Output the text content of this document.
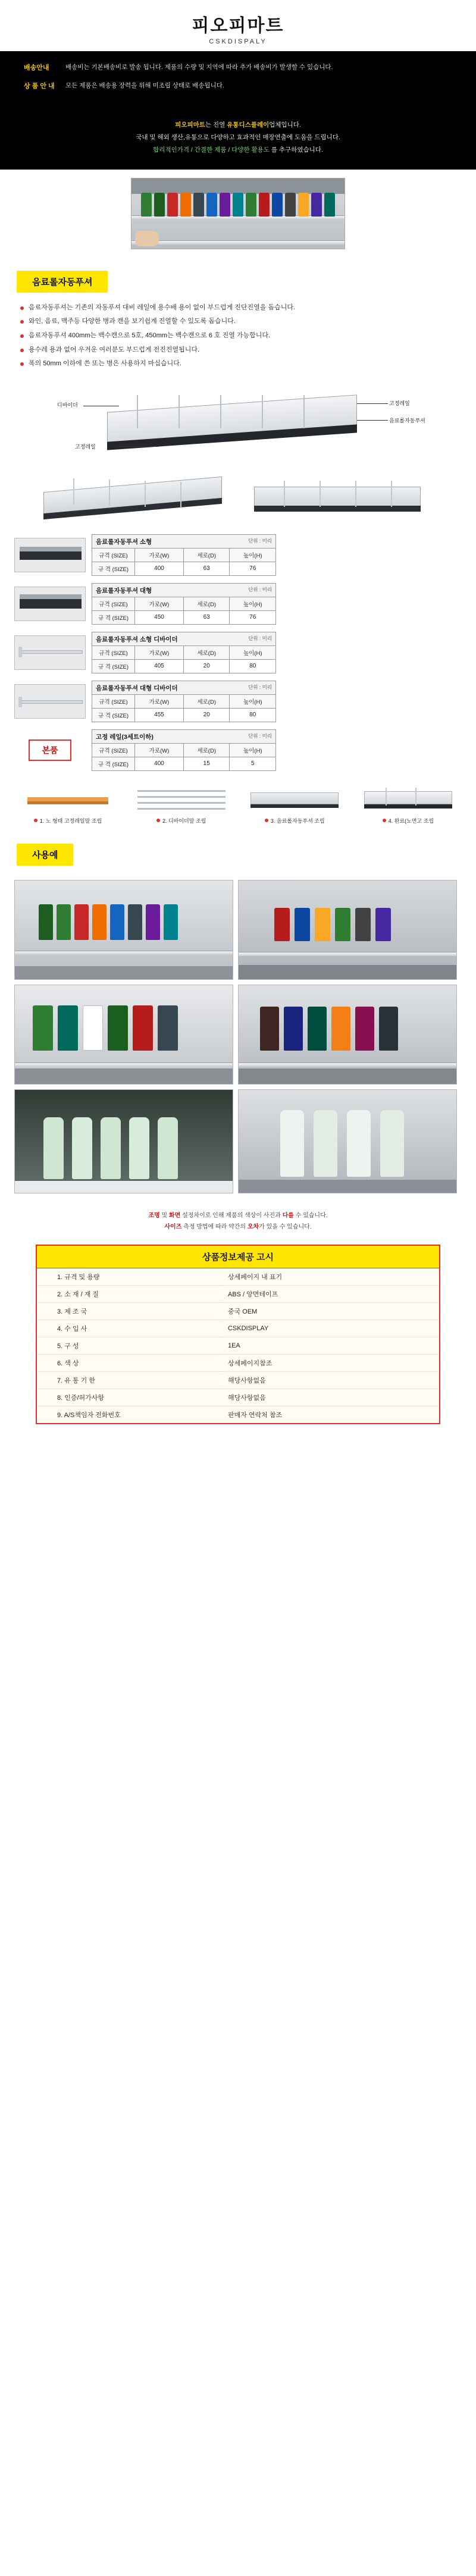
피오피마트
CSKDISPALY
배송안내	배송비는 기본배송비로 발송 됩니다. 제품의 수량 및 지역에 따라 추가 배송비가 발생할 수 있습니다.
상 품 안 내	모든 제품은 배송용 장력을 위해 미조립 상태로 배송됩니다.
피오피마트는 진열 유통디스플레이업체입니다.
국내 및 해외 생산,유통으로 다양하고 효과적인 매장연출에 도움을 드립니다.
합리적인가격 / 간결한 제품 / 다양한 활용도 를 추구하였습니다.
음료롤자동푸셔
음료자동푸셔는 기존의 자동푸셔 대비 레일에 용수배 용이 없이 부드럽게 진단진열을 돕습니다.
와인, 음료, 맥주등 다양한 병과 캔을 보기쉽계 진열할 수 있도록 돕습니다.
음료자동푸셔 400mm는 백수캔으로 5호, 450mm는 백수캔으로 6 호 진열 가능합니다.
용수레 용과 없어 우겨운 여러분도 부드럽게 전진진열됩니다.
폭의 50mm 이하에 쓴 또는 병은 사용하지 마십습니다.
디바이더	고정레일
음료롤자동푸셔
고정레일
음료롤자동푸셔 소형	단위 : 미리
규격 (SIZE)	가로(W)	세로(D)	높이(H)
규 격 (SIZE)	400	63	76
음료롤자동푸셔 대형	단위 : 미리
규격 (SIZE)	가로(W)	세로(D)	높이(H)
규 격 (SIZE)	450	63	76
음료롤자동푸셔 소형 디바이더	단위 : 미리
규격 (SIZE)	가로(W)	세로(D)	높이(H)
규 격 (SIZE)	405	20	80
음료롤자동푸셔 대형 디바이더	단위 : 미리
규격 (SIZE)	가로(W)	세로(D)	높이(H)
규 격 (SIZE)	455	20	80
본품
고정 레일(3세트이하)	단위 : 미리
규격 (SIZE)	가로(W)	세로(D)	높이(H)
규 격 (SIZE)	400	15	5
1. 노 형태 고정레일말 조립	2. 디바이더말 조립	3. 음료롤자동푸셔 조립	4. 완료(노면고 조립
사용예
조명 및 화면 설정차이로 인해 제품의 색상이 사진과 다를 수 있습니다.
사이즈 측정 방법에 따라 약간의 오차가 있을 수 있습니다.
상품정보제공 고시
1. 규격 및 용량	상세페이지 내 표기
2. 소 재 / 재 질	ABS / 양면테이프
3. 제 조 국	중국 OEM
4. 수 입 사	CSKDISPLAY
5. 구 성	1EA
6. 색 상	상세페이지참조
7. 유 통 기 한	해당사항없음
8. 인증/허가사항	해당사항없음
9. A/S책임자 전화번호	판매자 연락처 참조
